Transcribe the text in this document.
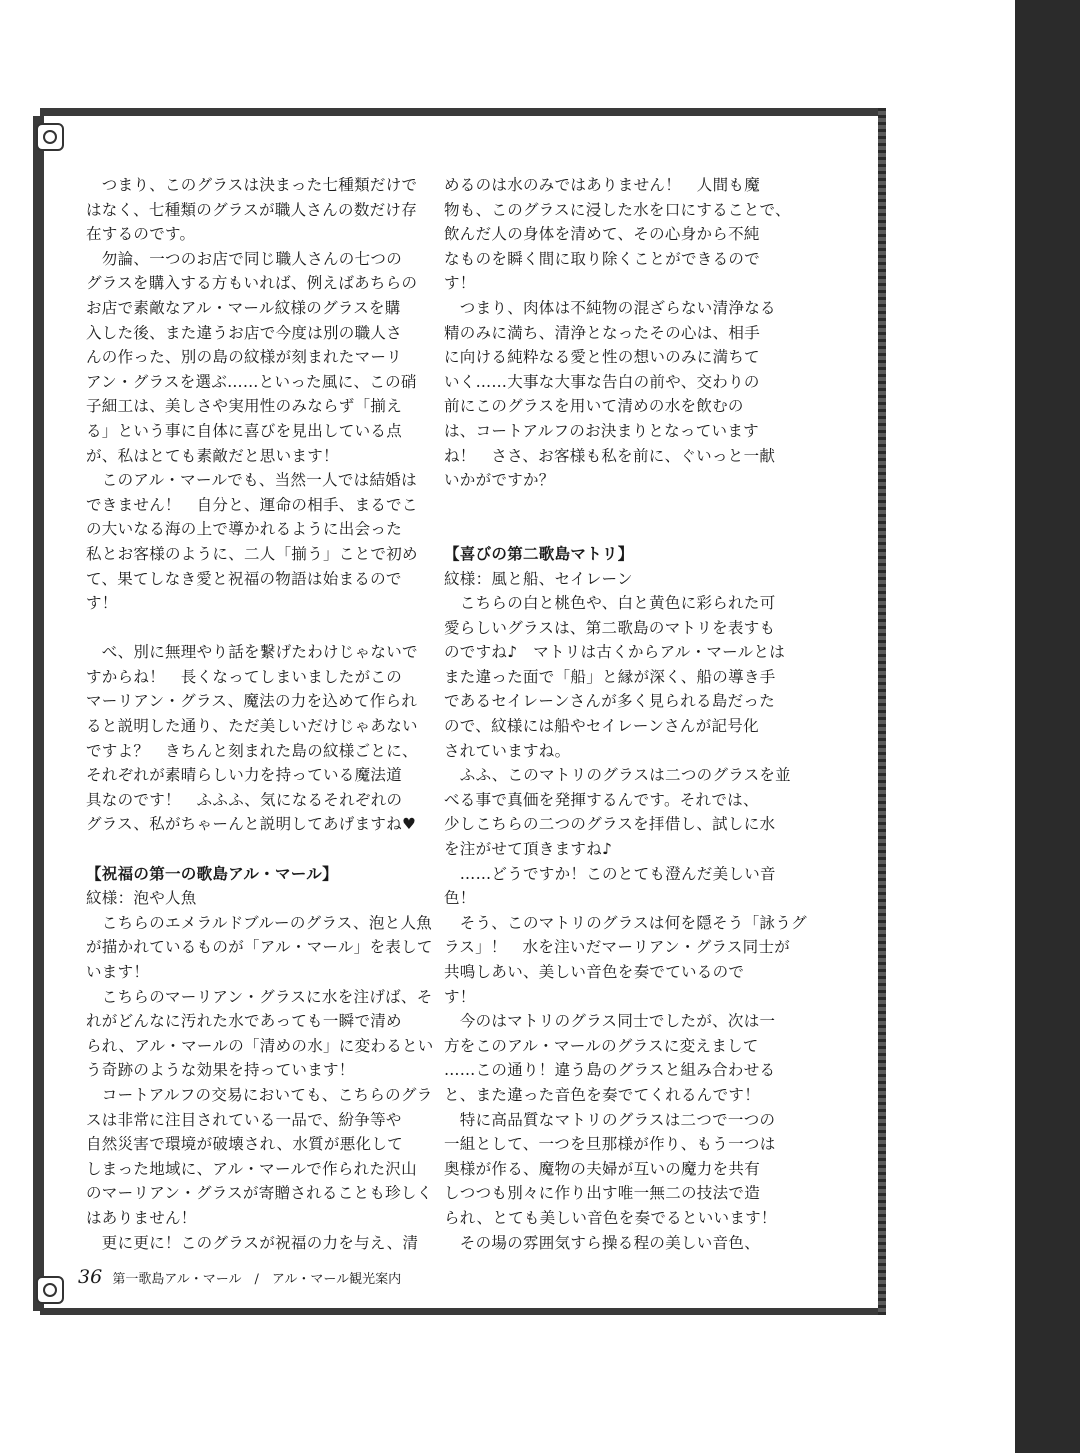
　つまり、このグラスは決まった七種類だけで
はなく、七種類のグラスが職人さんの数だけ存
在するのです。
　勿論、一つのお店で同じ職人さんの七つの
グラスを購入する方もいれば、例えばあちらの
お店で素敵なアル・マール紋様のグラスを購
入した後、また違うお店で今度は別の職人さ
んの作った、別の島の紋様が刻まれたマーリ
アン・グラスを選ぶ……といった風に、この硝
子細工は、美しさや実用性のみならず「揃え
る」という事に自体に喜びを見出している点
が、私はとても素敵だと思います！
　このアル・マールでも、当然一人では結婚は
できません！　自分と、運命の相手、まるでこ
の大いなる海の上で導かれるように出会った
私とお客様のように、二人「揃う」ことで初め
て、果てしなき愛と祝福の物語は始まるので
す！

　べ、別に無理やり話を繋げたわけじゃないで
すからね！　長くなってしまいましたがこの
マーリアン・グラス、魔法の力を込めて作られ
ると説明した通り、ただ美しいだけじゃあない
ですよ？　きちんと刻まれた島の紋様ごとに、
それぞれが素晴らしい力を持っている魔法道
具なのです！　ふふふ、気になるそれぞれの
グラス、私がちゃーんと説明してあげますね♥

【祝福の第一の歌島アル・マール】
紋様：泡や人魚
　こちらのエメラルドブルーのグラス、泡と人魚
が描かれているものが「アル・マール」を表して
います！
　こちらのマーリアン・グラスに水を注げば、そ
れがどんなに汚れた水であっても一瞬で清め
られ、アル・マールの「清めの水」に変わるとい
う奇跡のような効果を持っています！
　コートアルフの交易においても、こちらのグラ
スは非常に注目されている一品で、紛争等や
自然災害で環境が破壊され、水質が悪化して
しまった地域に、アル・マールで作られた沢山
のマーリアン・グラスが寄贈されることも珍しく
はありません！
　更に更に！このグラスが祝福の力を与え、清
めるのは水のみではありません！　人間も魔
物も、このグラスに浸した水を口にすることで、
飲んだ人の身体を清めて、その心身から不純
なものを瞬く間に取り除くことができるので
す！
　つまり、肉体は不純物の混ざらない清浄なる
精のみに満ち、清浄となったその心は、相手
に向ける純粋なる愛と性の想いのみに満ちて
いく……大事な大事な告白の前や、交わりの
前にこのグラスを用いて清めの水を飲むの
は、コートアルフのお決まりとなっています
ね！　ささ、お客様も私を前に、ぐいっと一献
いかがですか？

【喜びの第二歌島マトリ】
紋様：風と船、セイレーン
　こちらの白と桃色や、白と黄色に彩られた可
愛らしいグラスは、第二歌島のマトリを表すも
のですね♪　マトリは古くからアル・マールとは
また違った面で「船」と縁が深く、船の導き手
であるセイレーンさんが多く見られる島だった
ので、紋様には船やセイレーンさんが記号化
されていますね。
　ふふ、このマトリのグラスは二つのグラスを並
べる事で真価を発揮するんです。それでは、
少しこちらの二つのグラスを拝借し、試しに水
を注がせて頂きますね♪
　……どうですか！このとても澄んだ美しい音
色！
　そう、このマトリのグラスは何を隠そう「詠うグ
ラス」！　水を注いだマーリアン・グラス同士が
共鳴しあい、美しい音色を奏でているので
す！
　今のはマトリのグラス同士でしたが、次は一
方をこのアル・マールのグラスに変えまして
……この通り！違う島のグラスと組み合わせる
と、また違った音色を奏でてくれるんです！
　特に高品質なマトリのグラスは二つで一つの
一組として、一つを旦那様が作り、もう一つは
奥様が作る、魔物の夫婦が互いの魔力を共有
しつつも別々に作り出す唯一無二の技法で造
られ、とても美しい音色を奏でるといいます！
　その場の雰囲気すら操る程の美しい音色、
36 第一歌島アル・マール　/　アル・マール観光案内
